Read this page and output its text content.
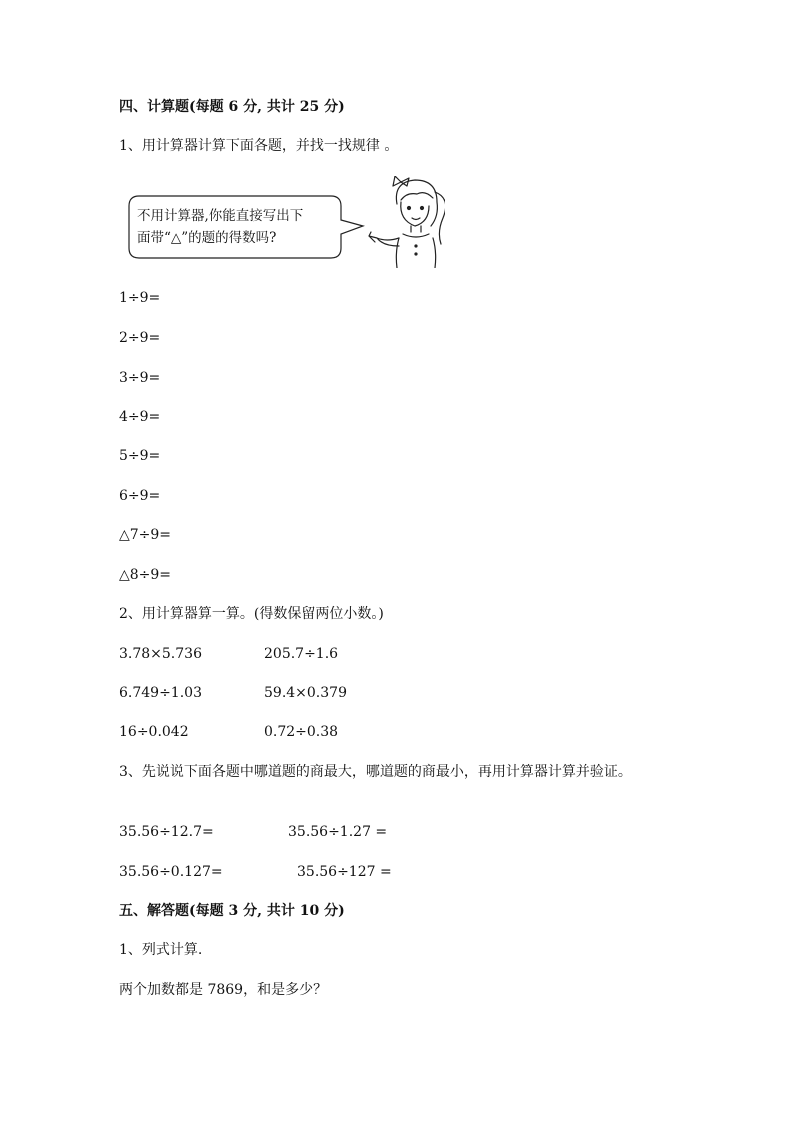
四、计算题(每题 6 分, 共计 25 分)
1、用计算器计算下面各题，并找一找规律 。
不用计算器,你能直接写出下
面带“△”的题的得数吗?
1÷9=
2÷9=
3÷9=
4÷9=
5÷9=
6÷9=
△7÷9=
△8÷9=
2、用计算器算一算。(得数保留两位小数。)
3.78×5.736	205.7÷1.6
6.749÷1.03	59.4×0.379
16÷0.042	0.72÷0.38
3、先说说下面各题中哪道题的商最大，哪道题的商最小，再用计算器计算并验证。
35.56÷12.7=	35.56÷1.27 =
35.56÷0.127=	35.56÷127 =
五、解答题(每题 3 分, 共计 10 分)
1、列式计算.
两个加数都是 7869，和是多少？
